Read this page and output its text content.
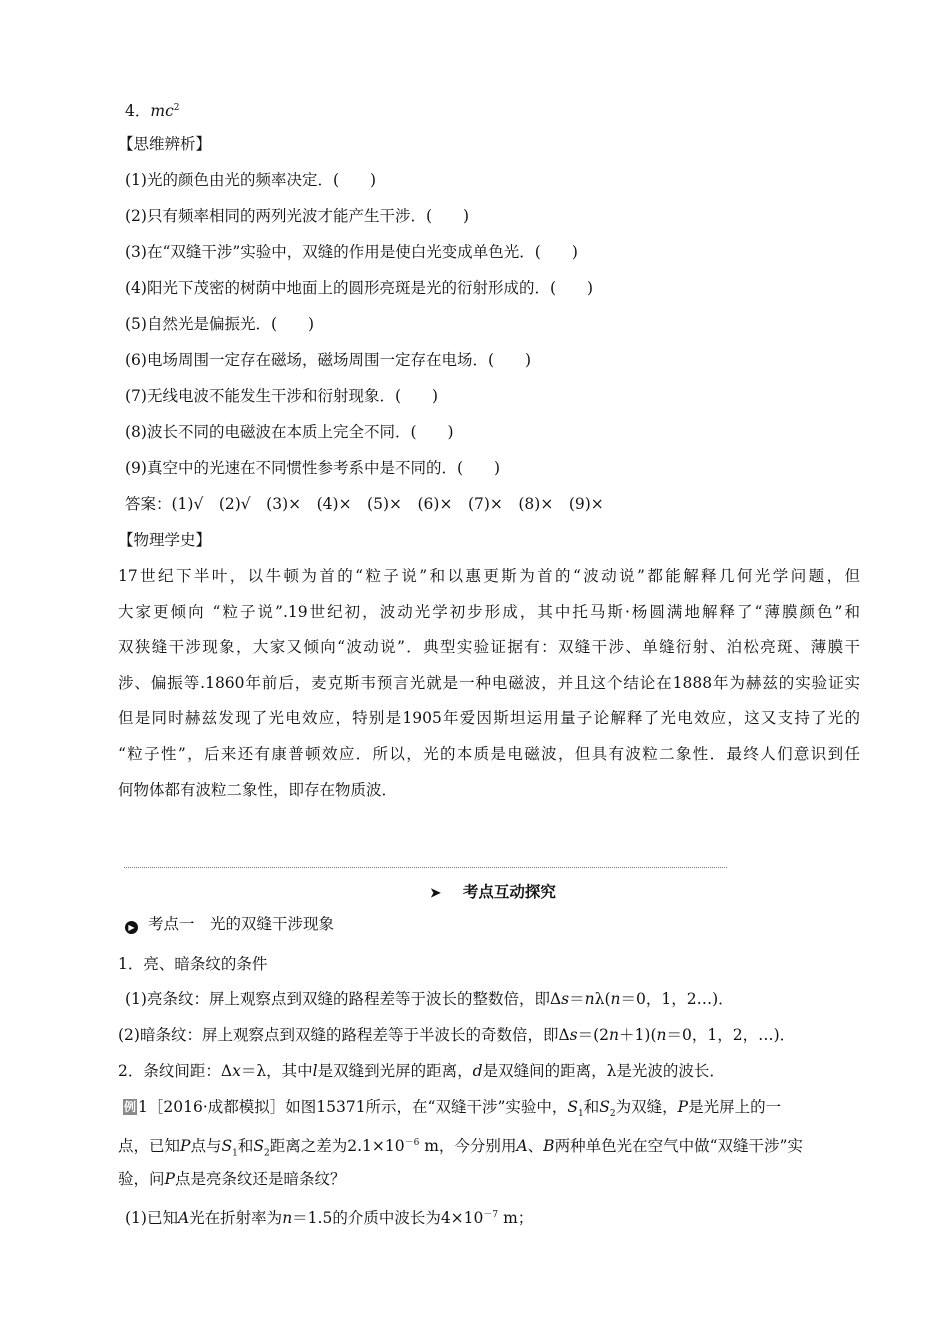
4．$mc^2$
【思维辨析】
(1)光的颜色由光的频率决定．(　　)
(2)只有频率相同的两列光波才能产生干涉．(　　)
(3)在“双缝干涉”实验中，双缝的作用是使白光变成单色光．(　　)
(4)阳光下茂密的树荫中地面上的圆形亮斑是光的衍射形成的．(　　)
(5)自然光是偏振光．(　　)
(6)电场周围一定存在磁场，磁场周围一定存在电场．(　　)
(7)无线电波不能发生干涉和衍射现象．(　　)
(8)波长不同的电磁波在本质上完全不同．(　　)
(9)真空中的光速在不同惯性参考系中是不同的．(　　)
答案：(1)√　(2)√　(3)×　(4)×　(5)×　(6)×　(7)×　(8)×　(9)×
【物理学史】
17世纪下半叶，以牛顿为首的“粒子说”和以惠更斯为首的“波动说”都能解释几何光学问题，但
大家更倾向 “粒子说”.19世纪初，波动光学初步形成，其中托马斯·杨圆满地解释了“薄膜颜色”和
双狭缝干涉现象，大家又倾向“波动说”．典型实验证据有：双缝干涉、单缝衍射、泊松亮斑、薄膜干
涉、偏振等.1860年前后，麦克斯韦预言光就是一种电磁波，并且这个结论在1888年为赫兹的实验证实
但是同时赫兹发现了光电效应，特别是1905年爱因斯坦运用量子论解释了光电效应，这又支持了光的
“粒子性”，后来还有康普顿效应．所以，光的本质是电磁波，但具有波粒二象性．最终人们意识到任
何物体都有波粒二象性，即存在物质波．
➤ 考点互动探究
▶ 考点一　光的双缝干涉现象
1．亮、暗条纹的条件
(1)亮条纹：屏上观察点到双缝的路程差等于波长的整数倍，即Δs＝nλ(n＝0，1，2…)．
(2)暗条纹：屏上观察点到双缝的路程差等于半波长的奇数倍，即Δs＝(2n＋1)(n＝0，1，2，…)．
2．条纹间距：Δx＝λ，其中l是双缝到光屏的距离，d是双缝间的距离，λ是光波的波长．
例 1［2016·成都模拟］如图15371所示，在“双缝干涉”实验中，$S_1$和$S_2$为双缝，P是光屏上的一
点，已知P点与$S_1$和$S_2$距离之差为$2.1\times 10^{-6}$ m，今分别用A、B两种单色光在空气中做“双缝干涉”实
验，问P点是亮条纹还是暗条纹？
(1)已知A光在折射率为n＝1.5的介质中波长为$4\times 10^{-7}$ m；
